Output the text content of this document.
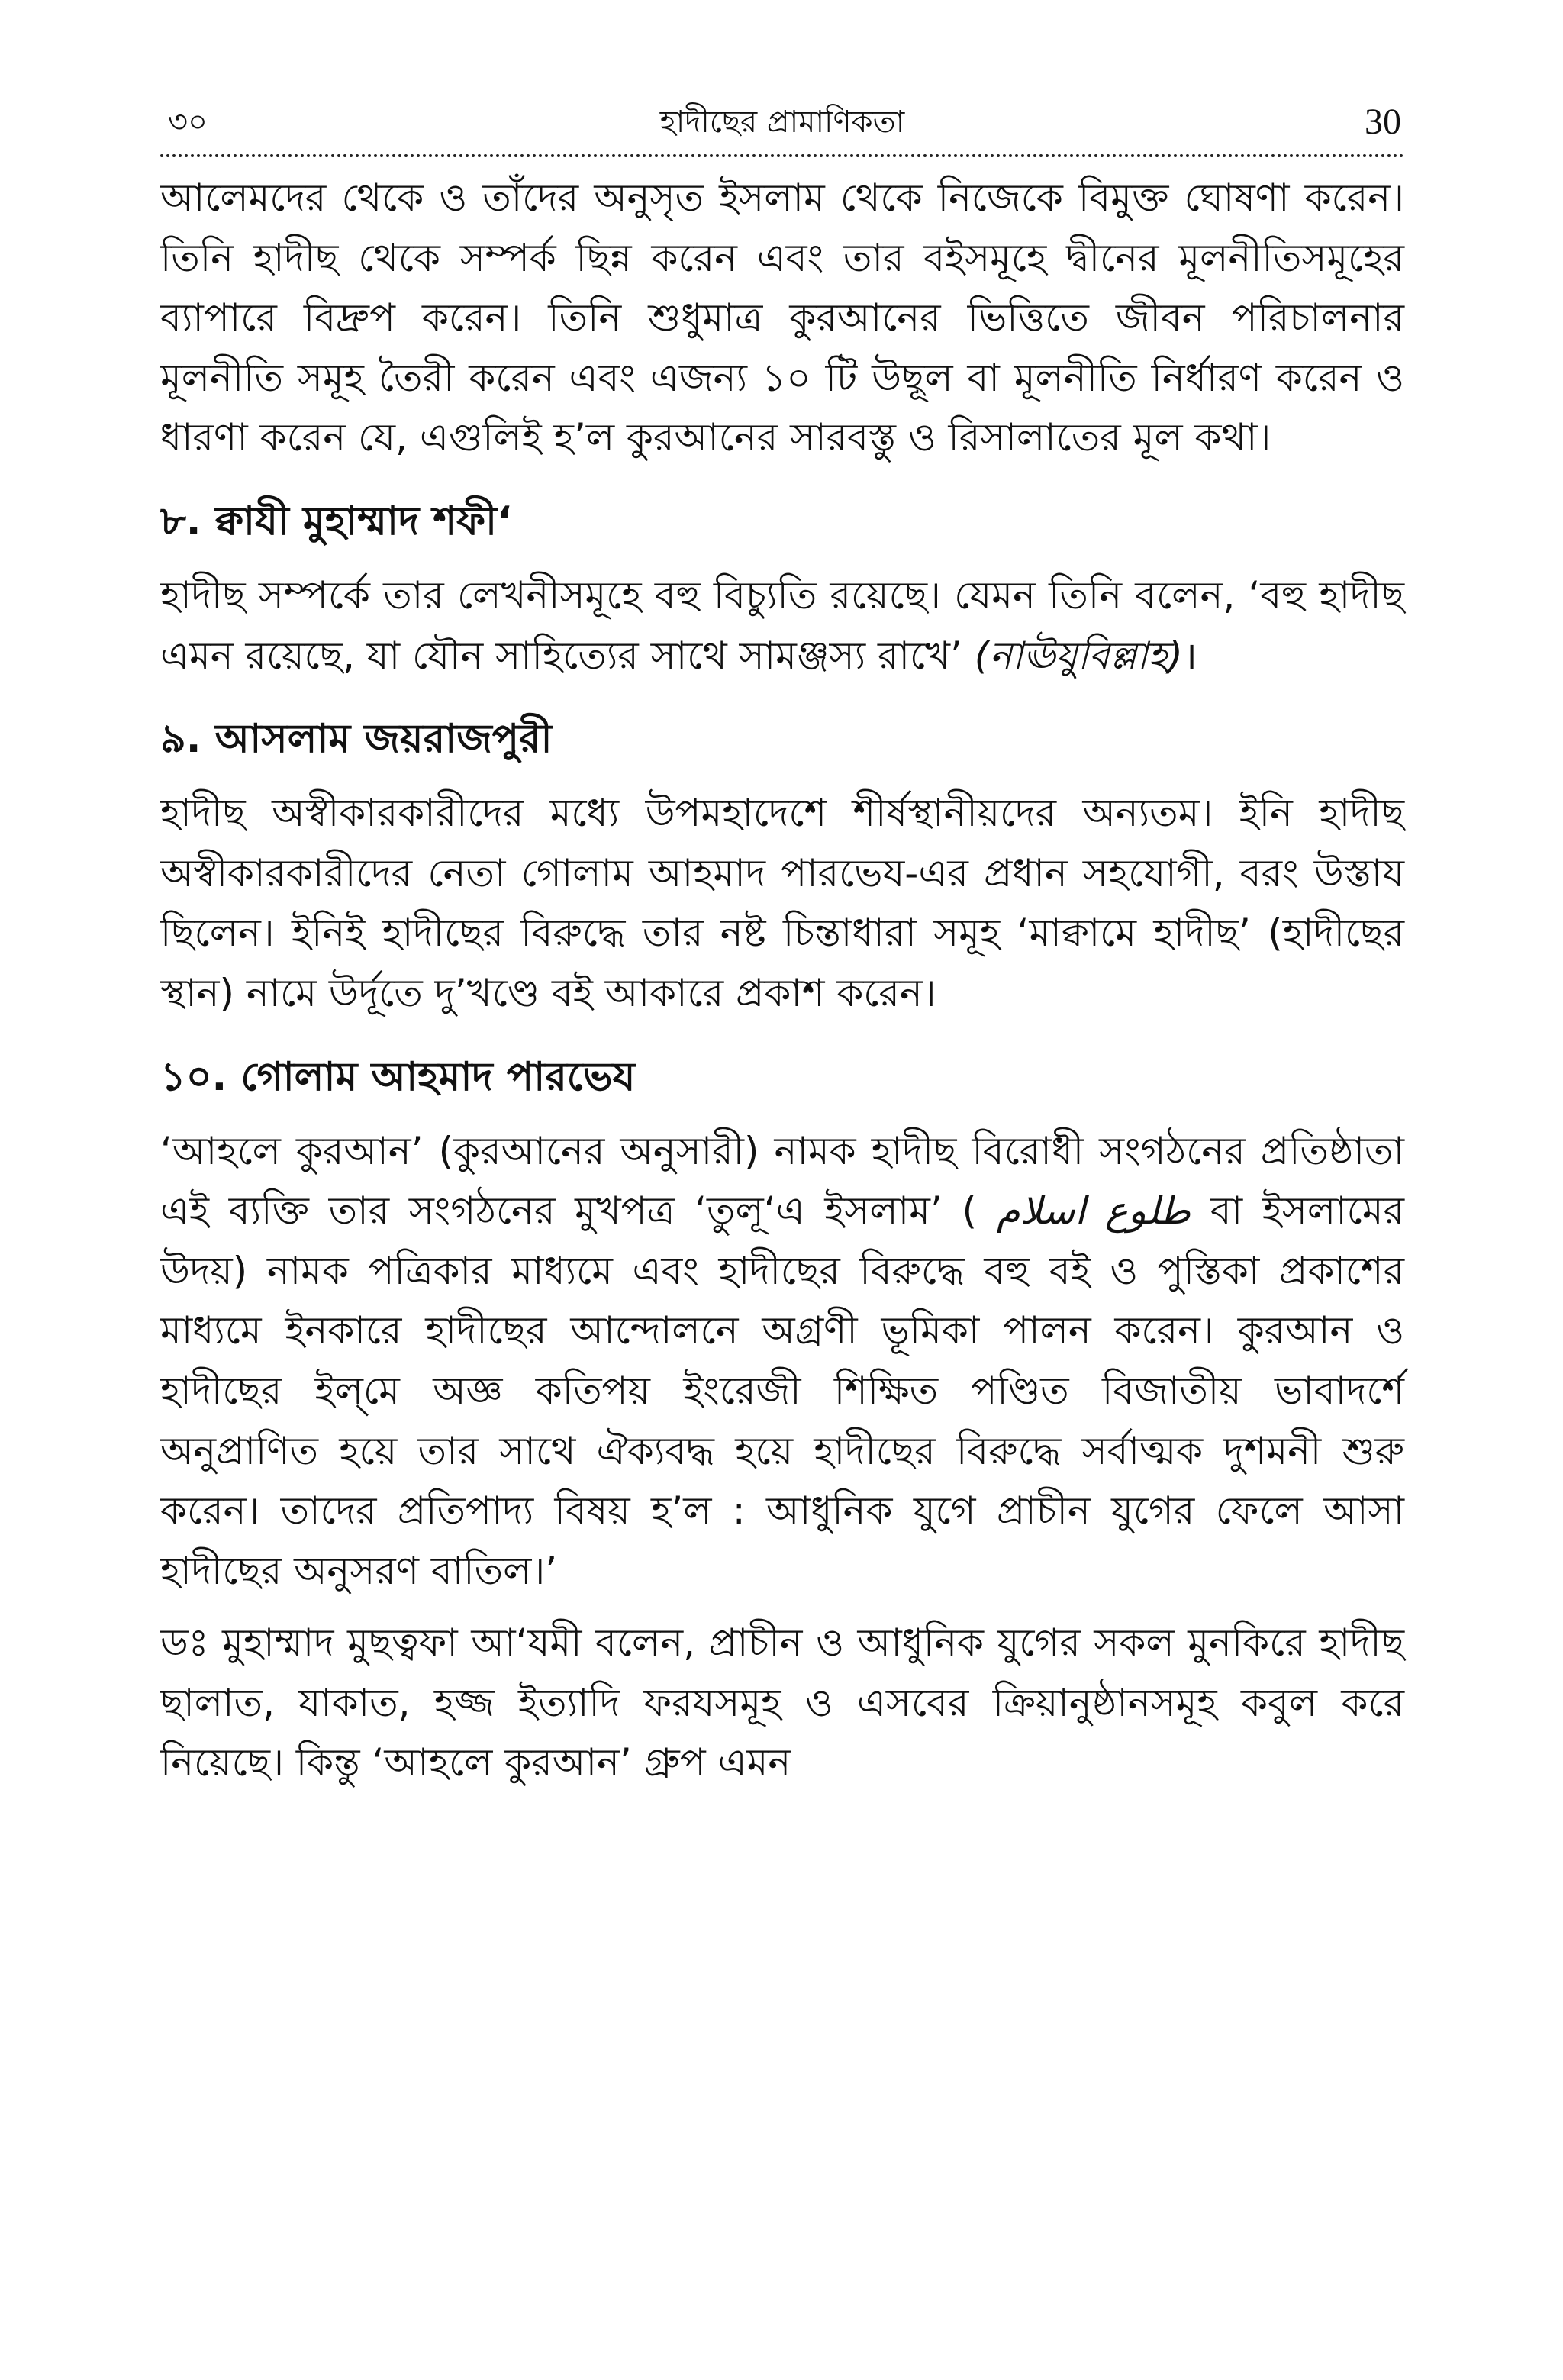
৩০	হাদীছের প্রামাণিকতা	30

আলেমদের থেকে ও তাঁদের অনুসৃত ইসলাম থেকে নিজেকে বিমুক্ত ঘোষণা করেন। তিনি হাদীছ থেকে সম্পর্ক ছিন্ন করেন এবং তার বইসমূহে দ্বীনের মূলনীতিসমূহের ব্যাপারে বিদ্রুপ করেন। তিনি শুধুমাত্র কুরআনের ভিত্তিতে জীবন পরিচালনার মূলনীতি সমূহ তৈরী করেন এবং এজন্য ১০ টি উছূল বা মূলনীতি নির্ধারণ করেন ও ধারণা করেন যে, এগুলিই হ’ল কুরআনের সারবস্তু ও রিসালাতের মূল কথা।

৮. ক্বাযী মুহাম্মাদ শফী‘

হাদীছ সম্পর্কে তার লেখনীসমূহে বহু বিচ্যুতি রয়েছে। যেমন তিনি বলেন, ‘বহু হাদীছ এমন রয়েছে, যা যৌন সাহিত্যের সাথে সামঞ্জস্য রাখে’ (নাঊযুবিল্লাহ)।

৯. আসলাম জয়রাজপুরী

হাদীছ অস্বীকারকারীদের মধ্যে উপমহাদেশে শীর্ষস্থানীয়দের অন্যতম। ইনি হাদীছ অস্বীকারকারীদের নেতা গোলাম আহমাদ পারভেয-এর প্রধান সহযোগী, বরং উস্তায ছিলেন। ইনিই হাদীছের বিরুদ্ধে তার নষ্ট চিন্তাধারা সমূহ ‘মাক্বামে হাদীছ’ (হাদীছের স্থান) নামে উর্দূতে দু’খণ্ডে বই আকারে প্রকাশ করেন।

১০. গোলাম আহমাদ পারভেয

‘আহলে কুরআন’ (কুরআনের অনুসারী) নামক হাদীছ বিরোধী সংগঠনের প্রতিষ্ঠাতা এই ব্যক্তি তার সংগঠনের মুখপত্র ‘তুলূ‘এ ইসলাম’ ( طلوع اسلام বা ইসলামের উদয়) নামক পত্রিকার মাধ্যমে এবং হাদীছের বিরুদ্ধে বহু বই ও পুস্তিকা প্রকাশের মাধ্যমে ইনকারে হাদীছের আন্দোলনে অগ্রণী ভূমিকা পালন করেন। কুরআন ও হাদীছের ইল্‌মে অজ্ঞ কতিপয় ইংরেজী শিক্ষিত পণ্ডিত বিজাতীয় ভাবাদর্শে অনুপ্রাণিত হয়ে তার সাথে ঐক্যবদ্ধ হয়ে হাদীছের বিরুদ্ধে সর্বাত্মক দুশমনী শুরু করেন। তাদের প্রতিপাদ্য বিষয় হ’ল : আধুনিক যুগে প্রাচীন যুগের ফেলে আসা হাদীছের অনুসরণ বাতিল।’

ডঃ মুহাম্মাদ মুছত্বফা আ‘যমী বলেন, প্রাচীন ও আধুনিক যুগের সকল মুনকিরে হাদীছ ছালাত, যাকাত, হজ্জ ইত্যাদি ফরযসমূহ ও এসবের ক্রিয়ানুষ্ঠানসমূহ কবুল করে নিয়েছে। কিন্তু ‘আহলে কুরআন’ গ্রুপ এমন
